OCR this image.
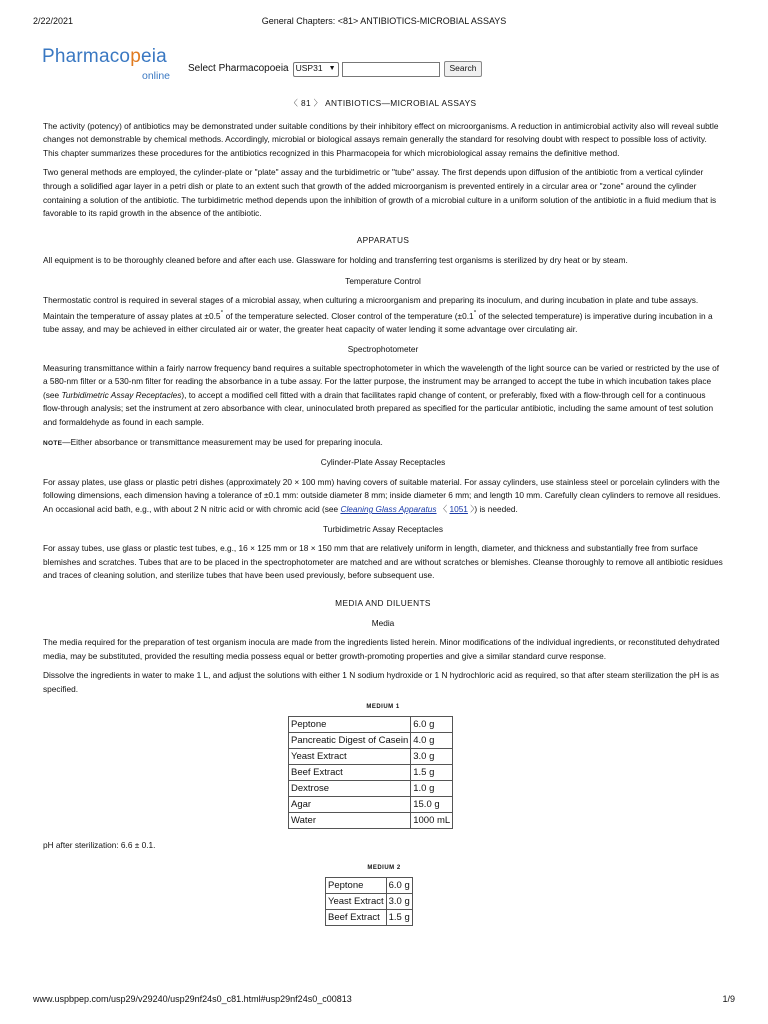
2/22/2021	General Chapters: <81> ANTIBIOTICS-MICROBIAL ASSAYS
Pharmacopeia
online
Select Pharmacopoeia USP31 ▼	Search

〈 81 〉 ANTIBIOTICS—MICROBIAL ASSAYS

The activity (potency) of antibiotics may be demonstrated under suitable conditions by their inhibitory effect on microorganisms. A reduction in antimicrobial activity also will reveal subtle changes not demonstrable by chemical methods. Accordingly, microbial or biological assays remain generally the standard for resolving doubt with respect to possible loss of activity. This chapter summarizes these procedures for the antibiotics recognized in this Pharmacopeia for which microbiological assay remains the definitive method.

Two general methods are employed, the cylinder-plate or "plate" assay and the turbidimetric or "tube" assay. The first depends upon diffusion of the antibiotic from a vertical cylinder through a solidified agar layer in a petri dish or plate to an extent such that growth of the added microorganism is prevented entirely in a circular area or "zone" around the cylinder containing a solution of the antibiotic. The turbidimetric method depends upon the inhibition of growth of a microbial culture in a uniform solution of the antibiotic in a fluid medium that is favorable to its rapid growth in the absence of the antibiotic.

APPARATUS

All equipment is to be thoroughly cleaned before and after each use. Glassware for holding and transferring test organisms is sterilized by dry heat or by steam.

Temperature Control

Thermostatic control is required in several stages of a microbial assay, when culturing a microorganism and preparing its inoculum, and during incubation in plate and tube assays. Maintain the temperature of assay plates at ±0.5° of the temperature selected. Closer control of the temperature (±0.1° of the selected temperature) is imperative during incubation in a tube assay, and may be achieved in either circulated air or water, the greater heat capacity of water lending it some advantage over circulating air.

Spectrophotometer

Measuring transmittance within a fairly narrow frequency band requires a suitable spectrophotometer in which the wavelength of the light source can be varied or restricted by the use of a 580-nm filter or a 530-nm filter for reading the absorbance in a tube assay. For the latter purpose, the instrument may be arranged to accept the tube in which incubation takes place (see Turbidimetric Assay Receptacles), to accept a modified cell fitted with a drain that facilitates rapid change of content, or preferably, fixed with a flow-through cell for a continuous flow-through analysis; set the instrument at zero absorbance with clear, uninoculated broth prepared as specified for the particular antibiotic, including the same amount of test solution and formaldehyde as found in each sample.

NOTE—Either absorbance or transmittance measurement may be used for preparing inocula.

Cylinder-Plate Assay Receptacles

For assay plates, use glass or plastic petri dishes (approximately 20 × 100 mm) having covers of suitable material. For assay cylinders, use stainless steel or porcelain cylinders with the following dimensions, each dimension having a tolerance of ±0.1 mm: outside diameter 8 mm; inside diameter 6 mm; and length 10 mm. Carefully clean cylinders to remove all residues. An occasional acid bath, e.g., with about 2 N nitric acid or with chromic acid (see Cleaning Glass Apparatus 〈 1051 〉) is needed.

Turbidimetric Assay Receptacles

For assay tubes, use glass or plastic test tubes, e.g., 16 × 125 mm or 18 × 150 mm that are relatively uniform in length, diameter, and thickness and substantially free from surface blemishes and scratches. Tubes that are to be placed in the spectrophotometer are matched and are without scratches or blemishes. Cleanse thoroughly to remove all antibiotic residues and traces of cleaning solution, and sterilize tubes that have been used previously, before subsequent use.

MEDIA AND DILUENTS

Media

The media required for the preparation of test organism inocula are made from the ingredients listed herein. Minor modifications of the individual ingredients, or reconstituted dehydrated media, may be substituted, provided the resulting media possess equal or better growth-promoting properties and give a similar standard curve response.

Dissolve the ingredients in water to make 1 L, and adjust the solutions with either 1 N sodium hydroxide or 1 N hydrochloric acid as required, so that after steam sterilization the pH is as specified.

MEDIUM 1
Peptone	6.0 g
Pancreatic Digest of Casein	4.0 g
Yeast Extract	3.0 g
Beef Extract	1.5 g
Dextrose	1.0 g
Agar	15.0 g
Water	1000 mL

pH after sterilization: 6.6 ± 0.1.

MEDIUM 2
Peptone	6.0 g
Yeast Extract	3.0 g
Beef Extract	1.5 g
www.uspbpep.com/usp29/v29240/usp29nf24s0_c81.html#usp29nf24s0_c00813	1/9
